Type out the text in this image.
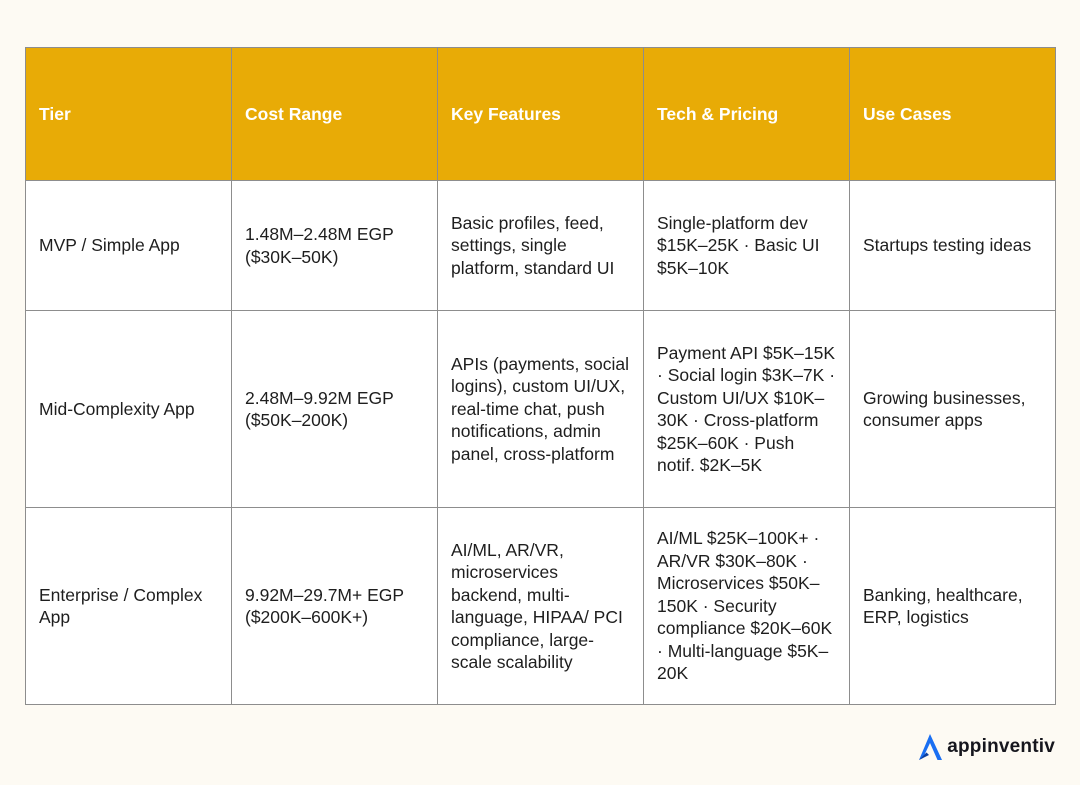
Tier	Cost Range	Key Features	Tech & Pricing	Use Cases
MVP / Simple App	1.48M–2.48M EGP ($30K–50K)	Basic profiles, feed, settings, single platform, standard UI	Single-platform dev $15K–25K · Basic UI $5K–10K	Startups testing ideas
Mid-Complexity App	2.48M–9.92M EGP ($50K–200K)	APIs (payments, social logins), custom UI/UX, real-time chat, push notifications, admin panel, cross-platform	Payment API $5K–15K · Social login $3K–7K · Custom UI/UX $10K–30K · Cross-platform $25K–60K · Push notif. $2K–5K	Growing businesses, consumer apps
Enterprise / Complex App	9.92M–29.7M+ EGP ($200K–600K+)	AI/ML, AR/VR, microservices backend, multi-language, HIPAA/ PCI compliance, large-scale scalability	AI/ML $25K–100K+ · AR/VR $30K–80K · Microservices $50K–150K · Security compliance $20K–60K · Multi-language $5K–20K	Banking, healthcare, ERP, logistics
appinventiv
